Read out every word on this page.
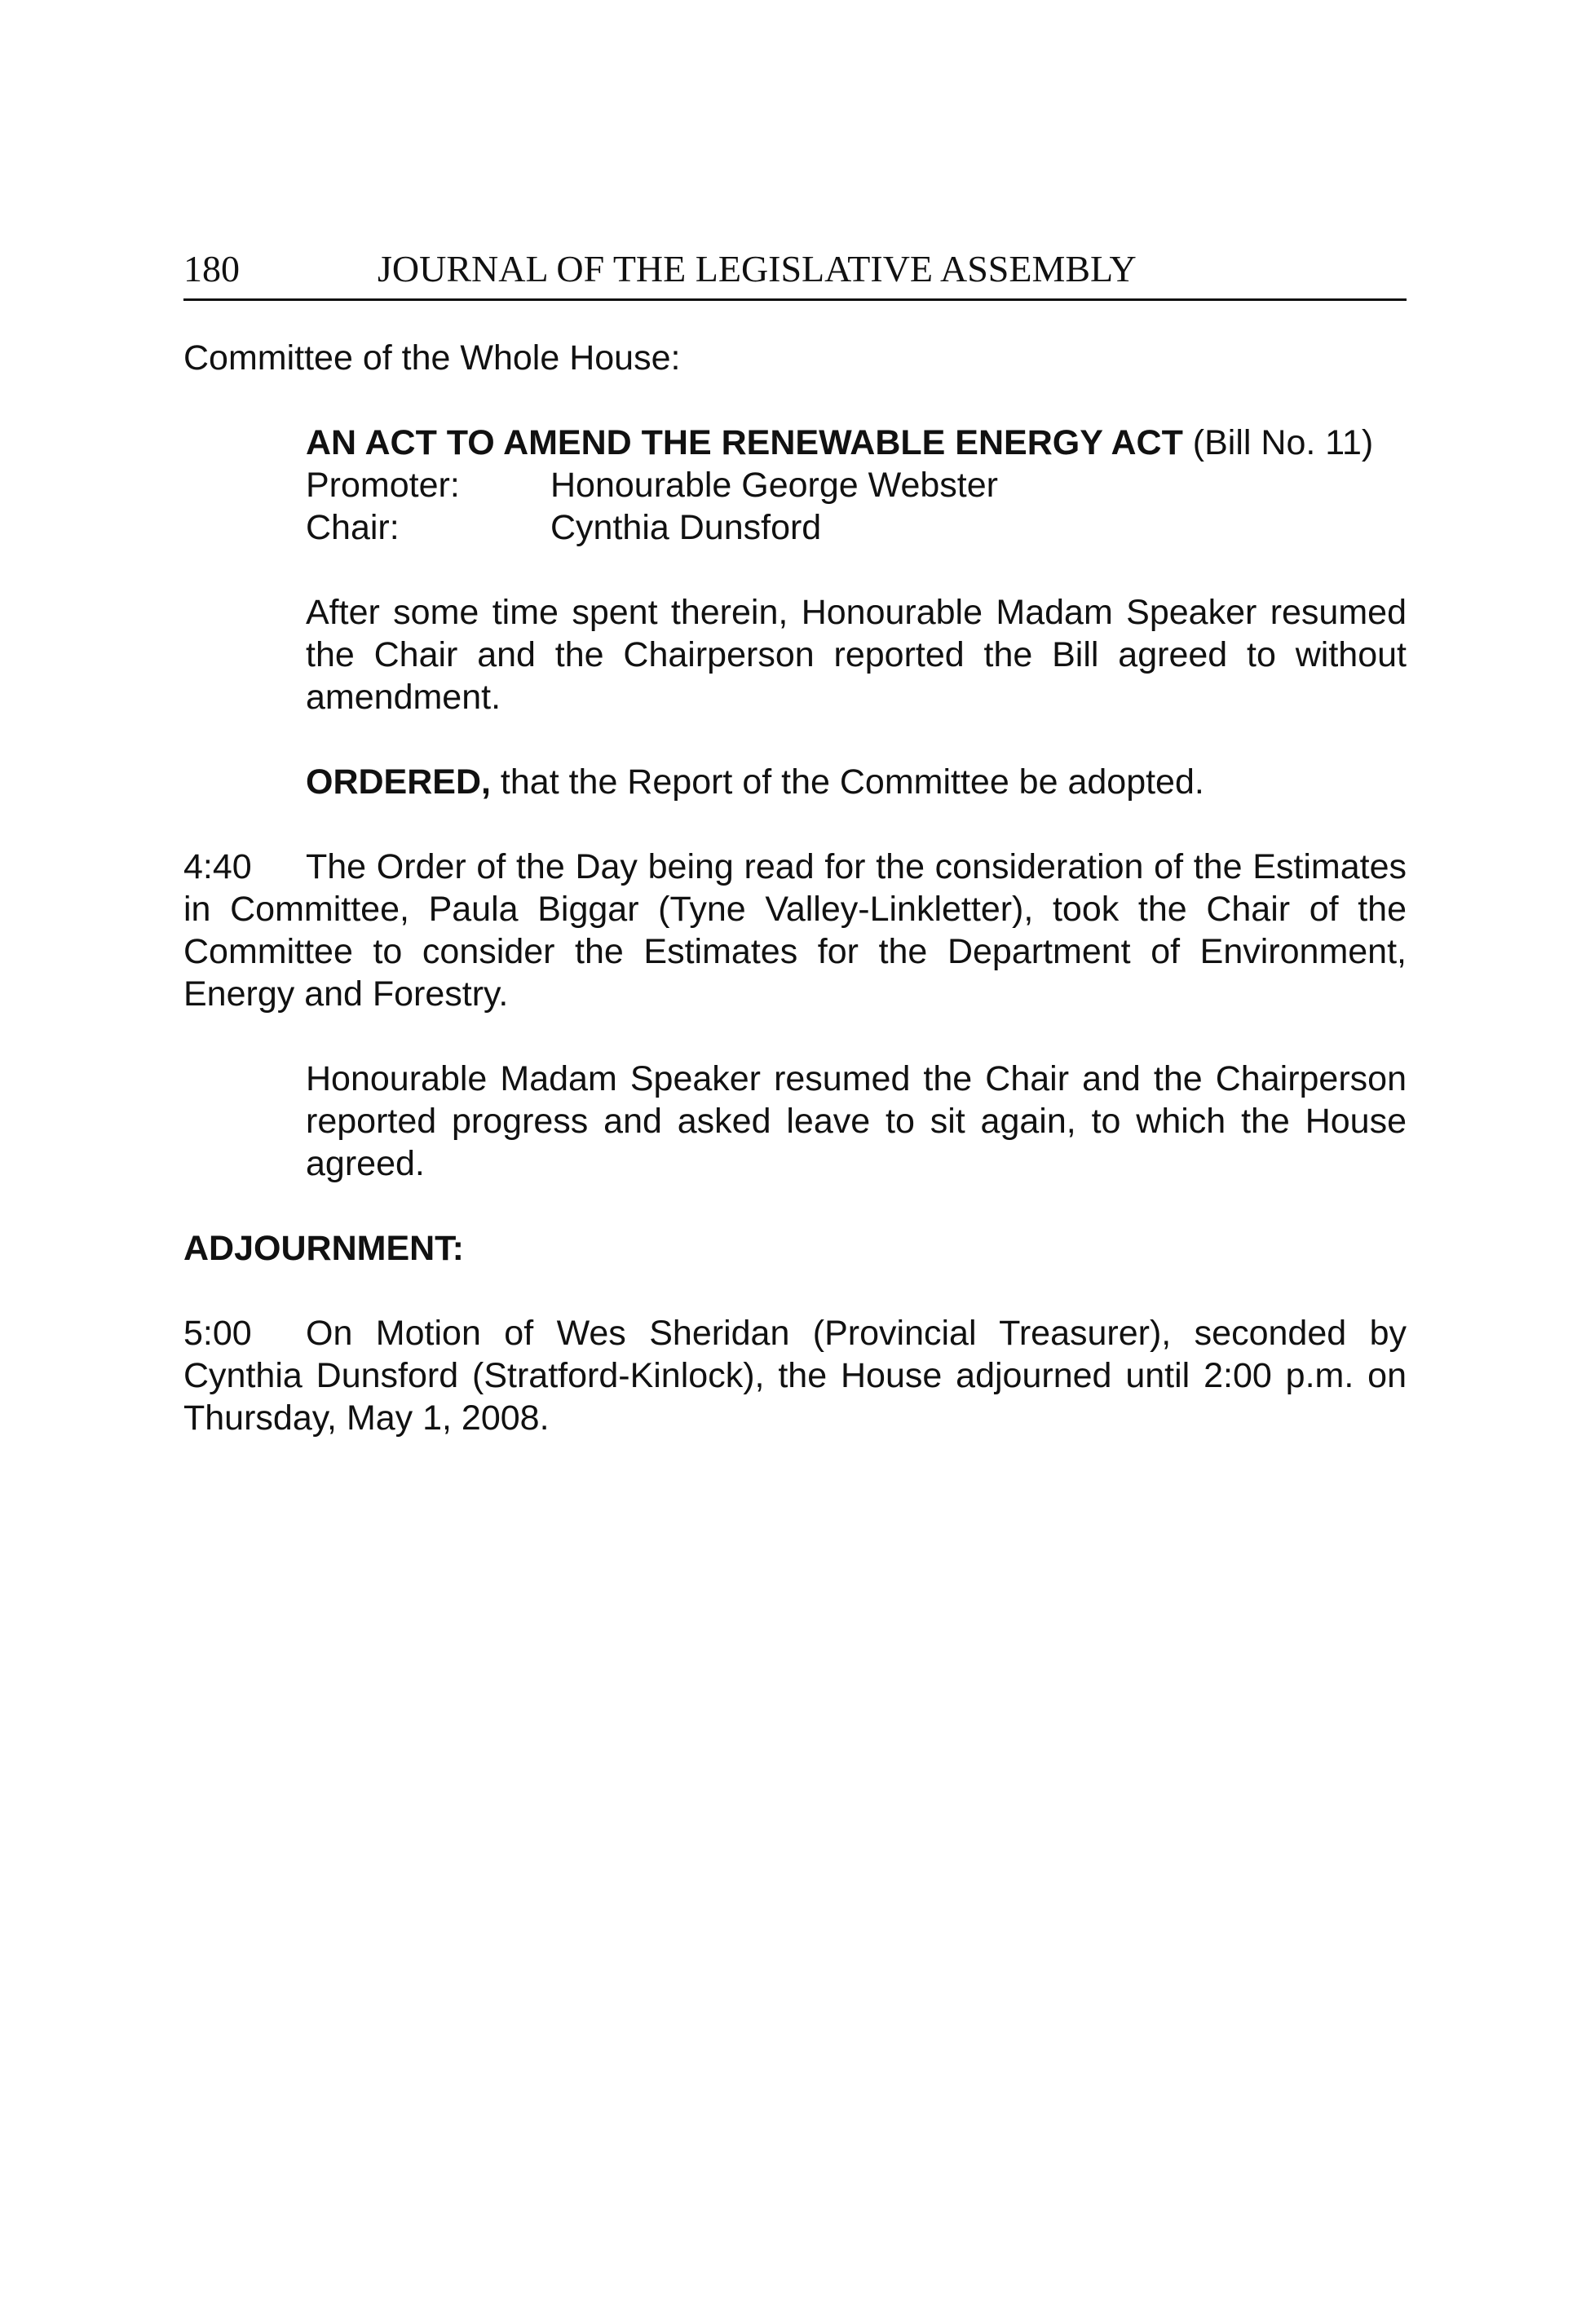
180	JOURNAL OF THE LEGISLATIVE ASSEMBLY

Committee of the Whole House:

AN ACT TO AMEND THE RENEWABLE ENERGY ACT (Bill No. 11)
Promoter:	Honourable George Webster
Chair:	Cynthia Dunsford

After some time spent therein, Honourable Madam Speaker resumed the Chair and the Chairperson reported the Bill agreed to without amendment.

ORDERED, that the Report of the Committee be adopted.

4:40 The Order of the Day being read for the consideration of the Estimates in Committee, Paula Biggar (Tyne Valley-Linkletter), took the Chair of the Committee to consider the Estimates for the Department of Environment, Energy and Forestry.

Honourable Madam Speaker resumed the Chair and the Chairperson reported progress and asked leave to sit again, to which the House agreed.

ADJOURNMENT:

5:00 On Motion of Wes Sheridan (Provincial Treasurer), seconded by Cynthia Dunsford (Stratford-Kinlock), the House adjourned until 2:00 p.m. on Thursday, May 1, 2008.
